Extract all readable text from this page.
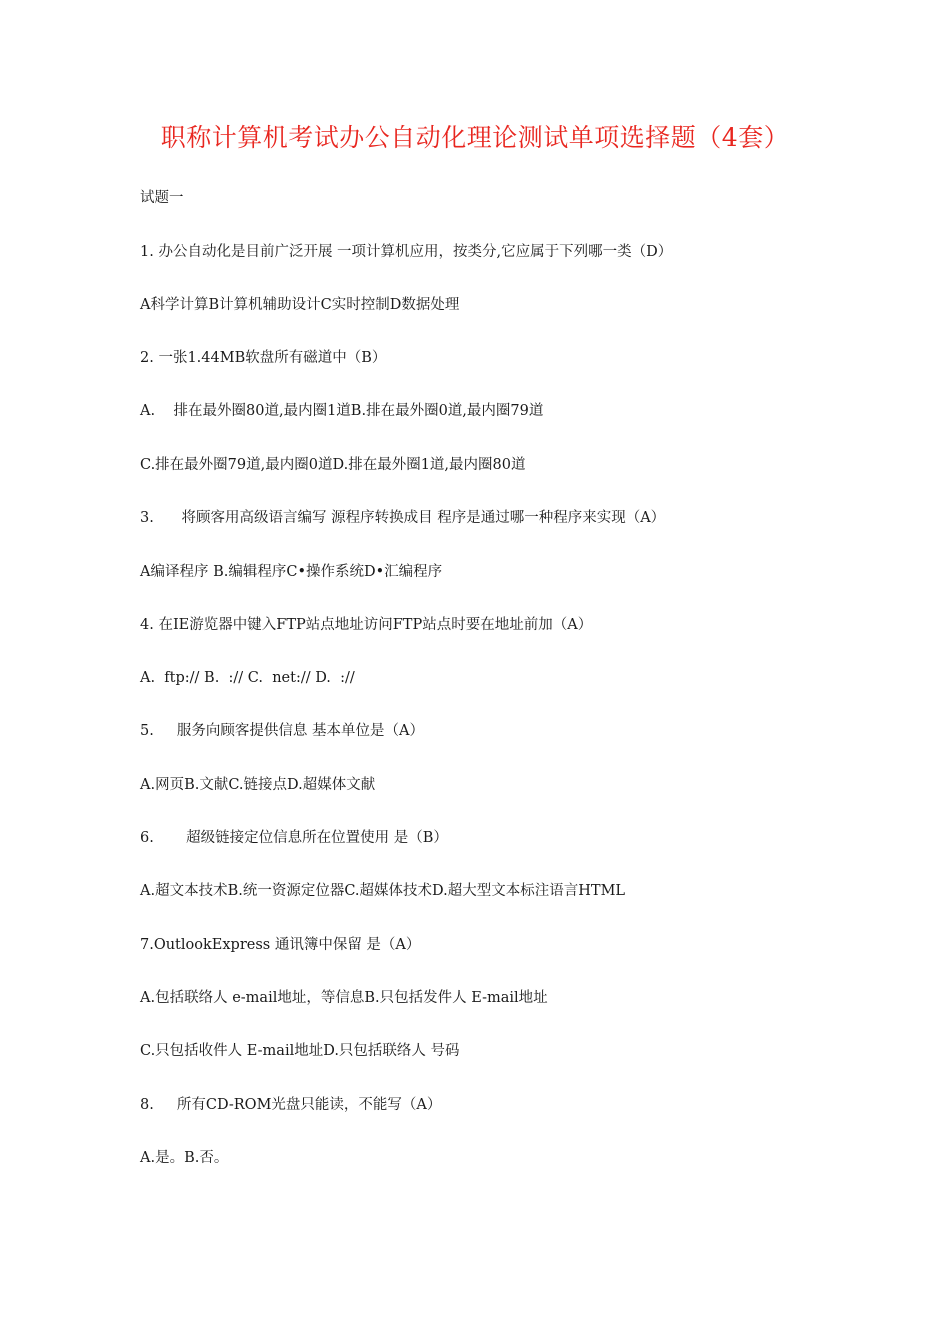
职称计算机考试办公自动化理论测试单项选择题（4套）
试题一
1. 办公自动化是目前广泛开展 一项计算机应用，按类分,它应属于下列哪一类（D）
A科学计算B计算机辅助设计C实时控制D数据处理
2. 一张1.44MB软盘所有磁道中（B）
A.    排在最外圈80道,最内圈1道B.排在最外圈0道,最内圈79道
C.排在最外圈79道,最内圈0道D.排在最外圈1道,最内圈80道
3.      将顾客用高级语言编写 源程序转换成目 程序是通过哪一种程序来实现（A）
A编译程序 B.编辑程序C•操作系统D•汇编程序
4. 在IE游览器中键入FTP站点地址访问FTP站点时要在地址前加（A）
A.  ftp:// B.  :// C.  net:// D.  ://
5.     服务向顾客提供信息 基本单位是（A）
A.网页B.文献C.链接点D.超媒体文献
6.       超级链接定位信息所在位置使用 是（B）
A.超文本技术B.统一资源定位器C.超媒体技术D.超大型文本标注语言HTML
7.OutlookExpress 通讯簿中保留 是（A）
A.包括联络人 e-mail地址，等信息B.只包括发件人 E-mail地址
C.只包括收件人 E-mail地址D.只包括联络人 号码
8.     所有CD-ROM光盘只能读，不能写（A）
A.是。B.否。
